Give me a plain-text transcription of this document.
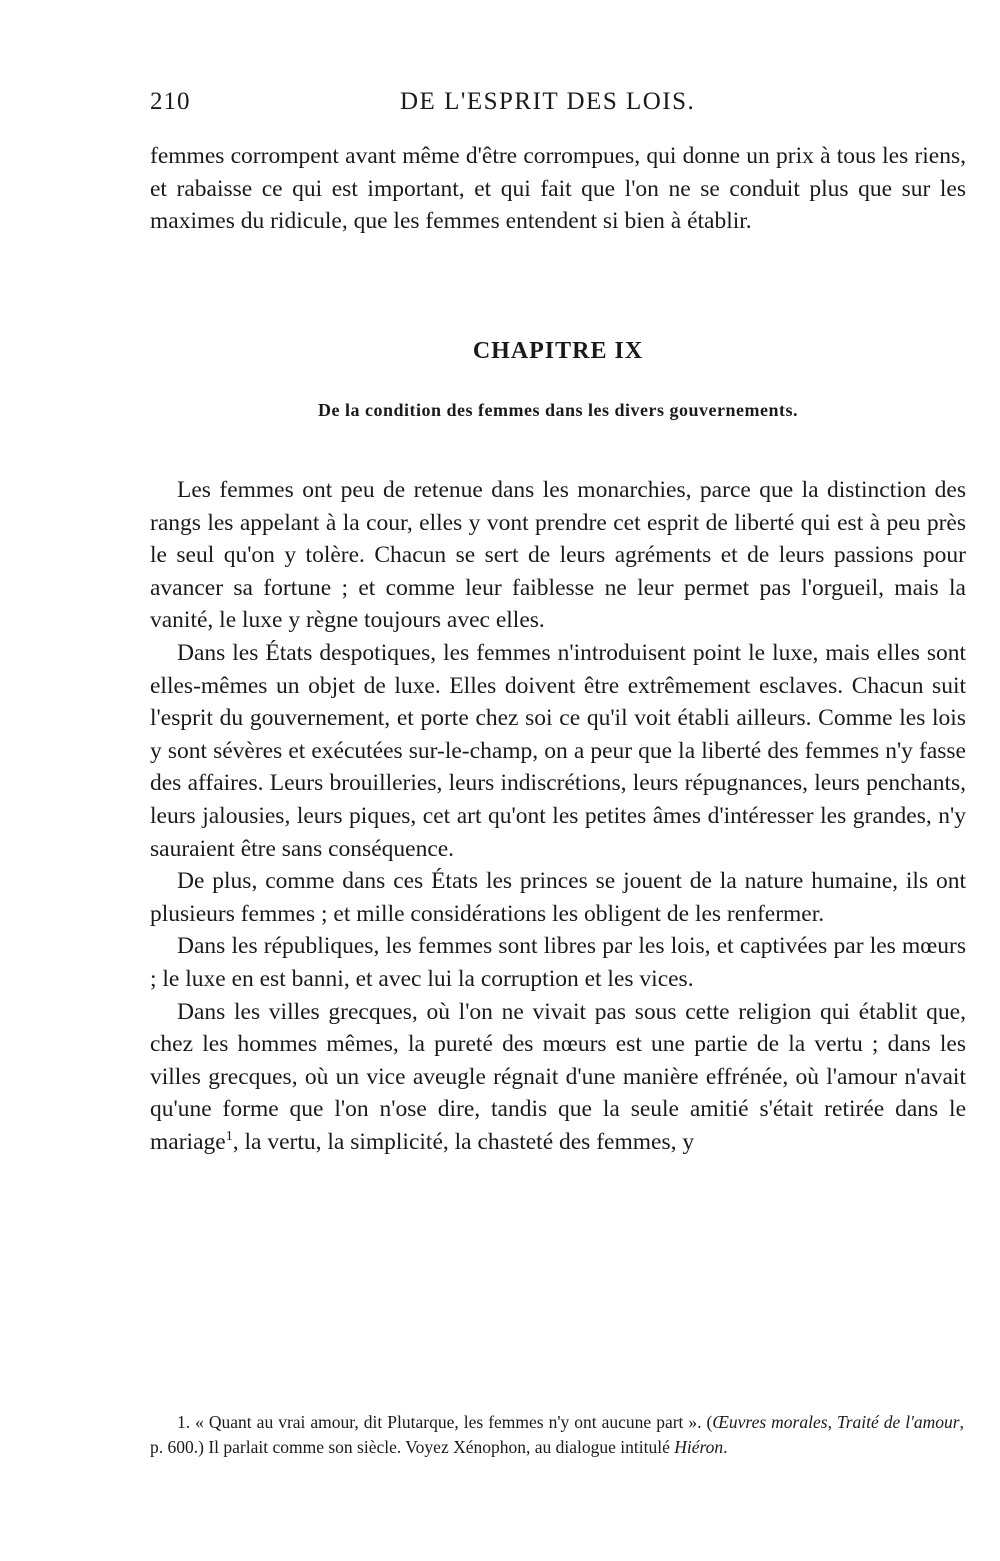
210	DE L'ESPRIT DES LOIS.

femmes corrompent avant même d'être corrompues, qui donne un prix à tous les riens, et rabaisse ce qui est important, et qui fait que l'on ne se conduit plus que sur les maximes du ridicule, que les femmes entendent si bien à établir.

CHAPITRE IX
De la condition des femmes dans les divers gouvernements.

Les femmes ont peu de retenue dans les monarchies, parce que la distinction des rangs les appelant à la cour, elles y vont prendre cet esprit de liberté qui est à peu près le seul qu'on y tolère. Chacun se sert de leurs agréments et de leurs passions pour avancer sa fortune ; et comme leur faiblesse ne leur permet pas l'orgueil, mais la vanité, le luxe y règne toujours avec elles.

Dans les États despotiques, les femmes n'introduisent point le luxe, mais elles sont elles-mêmes un objet de luxe. Elles doivent être extrêmement esclaves. Chacun suit l'esprit du gouvernement, et porte chez soi ce qu'il voit établi ailleurs. Comme les lois y sont sévères et exécutées sur-le-champ, on a peur que la liberté des femmes n'y fasse des affaires. Leurs brouilleries, leurs indiscrétions, leurs répugnances, leurs penchants, leurs jalousies, leurs piques, cet art qu'ont les petites âmes d'intéresser les grandes, n'y sauraient être sans conséquence.

De plus, comme dans ces États les princes se jouent de la nature humaine, ils ont plusieurs femmes ; et mille considérations les obligent de les renfermer.

Dans les républiques, les femmes sont libres par les lois, et captivées par les mœurs ; le luxe en est banni, et avec lui la corruption et les vices.

Dans les villes grecques, où l'on ne vivait pas sous cette religion qui établit que, chez les hommes mêmes, la pureté des mœurs est une partie de la vertu ; dans les villes grecques, où un vice aveugle régnait d'une manière effrénée, où l'amour n'avait qu'une forme que l'on n'ose dire, tandis que la seule amitié s'était retirée dans le mariage$^1$, la vertu, la simplicité, la chasteté des femmes, y

1. « Quant au vrai amour, dit Plutarque, les femmes n'y ont aucune part ». (Œuvres morales, Traité de l'amour, p. 600.) Il parlait comme son siècle. Voyez Xénophon, au dialogue intitulé Hiéron.
